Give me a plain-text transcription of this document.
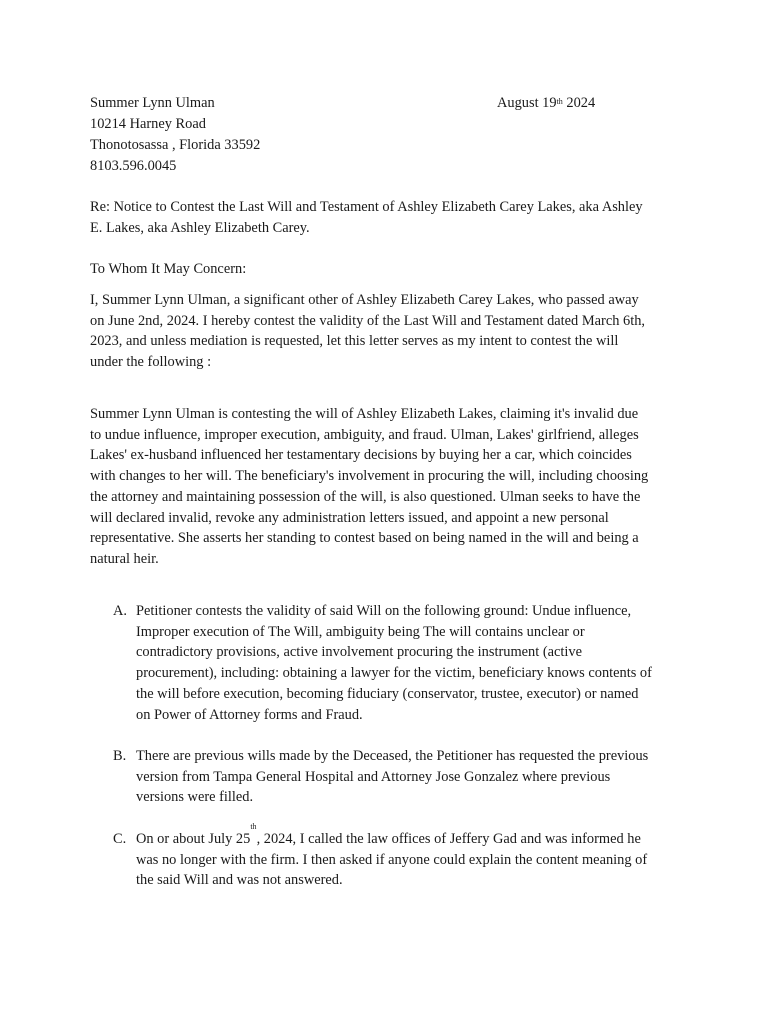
Summer Lynn Ulman	August 19th 2024
10214 Harney Road
Thonotosassa , Florida 33592
8103.596.0045
Re: Notice to Contest the Last Will and Testament of Ashley Elizabeth Carey Lakes, aka Ashley
E. Lakes, aka Ashley Elizabeth Carey.
To Whom It May Concern:
I, Summer Lynn Ulman, a significant other of Ashley Elizabeth Carey Lakes, who passed away
on June 2nd, 2024. I hereby contest the validity of the Last Will and Testament dated March 6th,
2023, and unless mediation is requested, let this letter serves as my intent to contest the will
under the following :
Summer Lynn Ulman is contesting the will of Ashley Elizabeth Lakes, claiming it's invalid due
to undue influence, improper execution, ambiguity, and fraud. Ulman, Lakes' girlfriend, alleges
Lakes' ex-husband influenced her testamentary decisions by buying her a car, which coincides
with changes to her will. The beneficiary's involvement in procuring the will, including choosing
the attorney and maintaining possession of the will, is also questioned. Ulman seeks to have the
will declared invalid, revoke any administration letters issued, and appoint a new personal
representative. She asserts her standing to contest based on being named in the will and being a
natural heir.
A. Petitioner contests the validity of said Will on the following ground: Undue influence,
Improper execution of The Will, ambiguity being The will contains unclear or
contradictory provisions, active involvement procuring the instrument (active
procurement), including: obtaining a lawyer for the victim, beneficiary knows contents of
the will before execution, becoming fiduciary (conservator, trustee, executor) or named
on Power of Attorney forms and Fraud.
B. There are previous wills made by the Deceased, the Petitioner has requested the previous
version from Tampa General Hospital and Attorney Jose Gonzalez where previous
versions were filled.
C. On or about July 25th, 2024, I called the law offices of Jeffery Gad and was informed he
was no longer with the firm. I then asked if anyone could explain the content meaning of
the said Will and was not answered.
